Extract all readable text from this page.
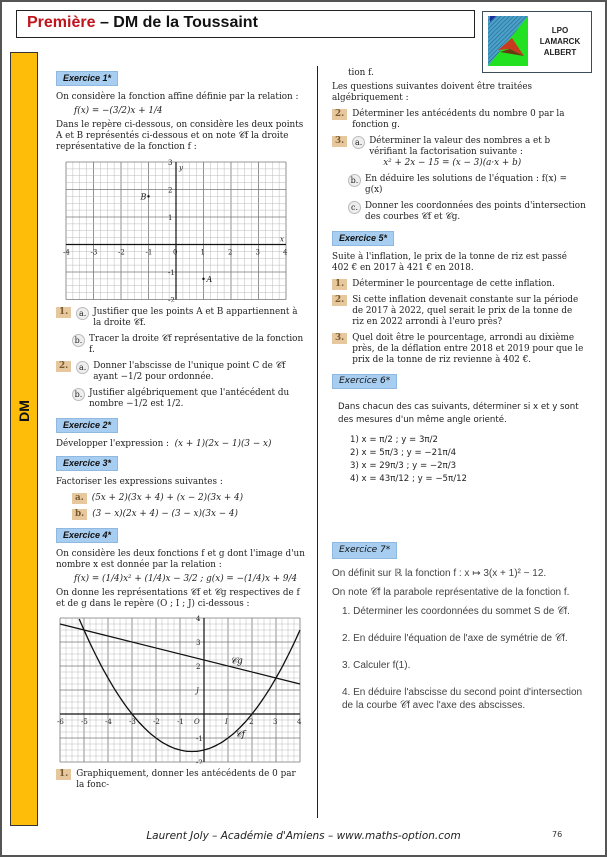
Première – DM de la Toussaint	LPO LAMARCK
ALBERT
DM
Exercice 1*

On considère la fonction affine définie par la relation :

f(x) = −(3/2)x + 1/4

Dans le repère ci-dessous, on considère les deux points A et B représentés ci-dessous et on note 𝒞f la droite représentative de la fonction f :

-4	-3	-2	-1	0	1	2	3	4
-2
-1
1
2
3
y
x
A
B
1.	a. Justifier que les points A et B appartiennent à la droite 𝒞f.
b. Tracer la droite 𝒞f représentative de la fonction f.
2.	a. Donner l'abscisse de l'unique point C de 𝒞f ayant −1/2 pour ordonnée.
b. Justifier algébriquement que l'antécédent du nombre −1/2 est 1/2.
Exercice 2*

Développer l'expression : (x + 1)(2x − 1)(3 − x)

Exercice 3*

Factoriser les expressions suivantes :

a. (5x + 2)(3x + 4) + (x − 2)(3x + 4)
b. (3 − x)(2x + 4) − (3 − x)(3x − 4)
Exercice 4*

On considère les deux fonctions f et g dont l'image d'un nombre x est donnée par la relation :

f(x) = (1/4)x² + (1/4)x − 3/2 ; g(x) = −(1/4)x + 9/4

On donne les représentations 𝒞f et 𝒞g respectives de f et de g dans le repère (O ; I ; J) ci-dessous :

-6 -5 -4 -3 -2 -1 O	I	2	3	4
-2
-1
J
2
3
4
𝒞g
𝒞f
1. Graphiquement, donner les antécédents de 0 par la fonc-

tion f.

Les questions suivantes doivent être traitées algébriquement :

2. Déterminer les antécédents du nombre 0 par la fonction g.
3.	a. Déterminer la valeur des nombres a et b vérifiant la factorisation suivante :
x² + 2x − 15 = (x − 3)(a·x + b)
b. En déduire les solutions de l'équation : f(x) = g(x)
c. Donner les coordonnées des points d'intersection des courbes 𝒞f et 𝒞g.
Exercice 5*

Suite à l'inflation, le prix de la tonne de riz est passé 402 € en 2017 à 421 € en 2018.

1. Déterminer le pourcentage de cette inflation.
2. Si cette inflation devenait constante sur la période de 2017 à 2022, quel serait le prix de la tonne de riz en 2022 arrondi à l'euro près?
3. Quel doit être le pourcentage, arrondi au dixième près, de la déflation entre 2018 et 2019 pour que le prix de la tonne de riz revienne à 402 €.
Exercice 6*

Dans chacun des cas suivants, déterminer si x et y sont des mesures d'un même angle orienté.

1) x = π/2 ; y = 3π/2
2) x = 5π/3 ; y = −21π/4
3) x = 29π/3 ; y = −2π/3
4) x = 43π/12 ; y = −5π/12
Exercice 7*

On définit sur ℝ la fonction f : x ↦ 3(x + 1)² − 12.

On note 𝒞f la parabole représentative de la fonction f.

1. Déterminer les coordonnées du sommet S de 𝒞f.
2. En déduire l'équation de l'axe de symétrie de 𝒞f.
3. Calculer f(1).
4. En déduire l'abscisse du second point d'intersection de la courbe 𝒞f avec l'axe des abscisses.
Laurent Joly – Académie d'Amiens – www.maths-option.com	76
